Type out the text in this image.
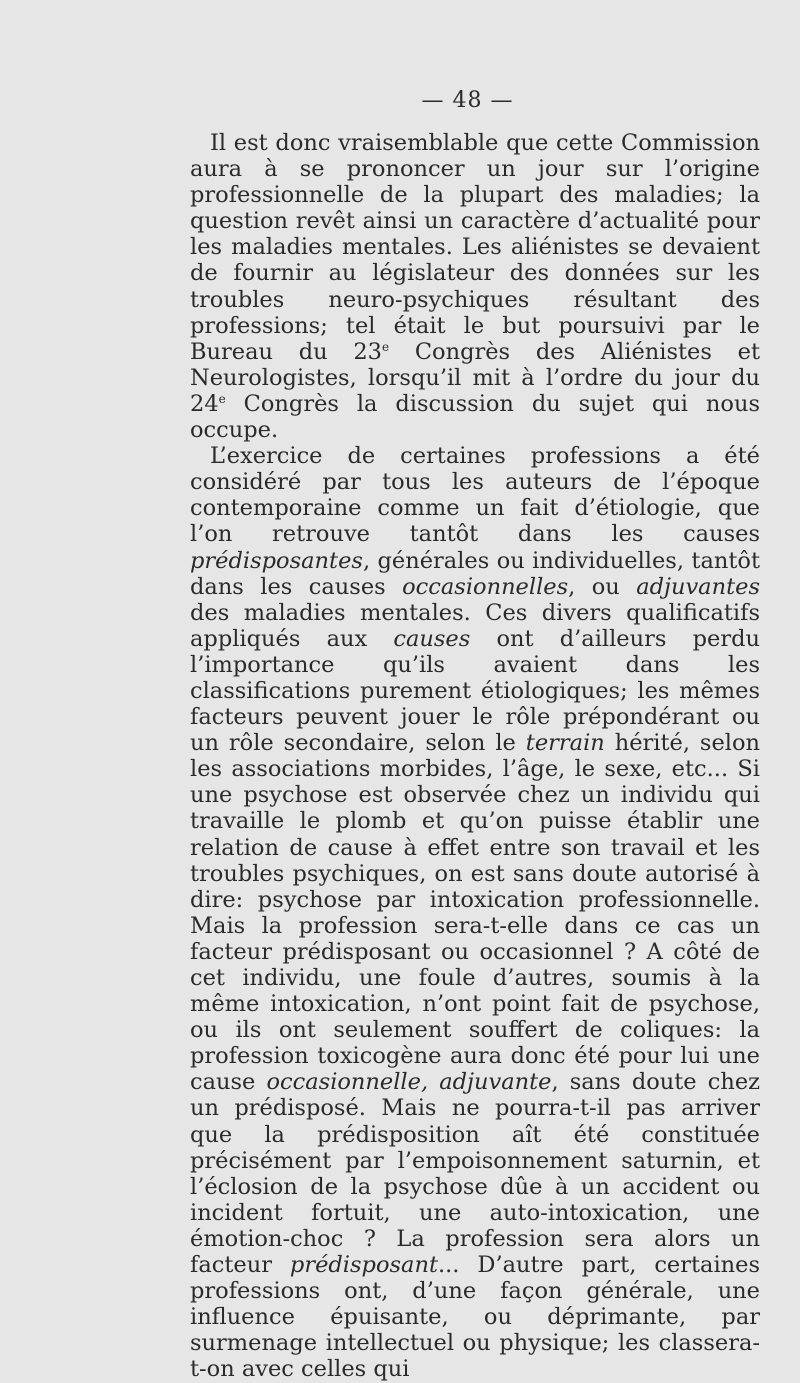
— 48 —

Il est donc vraisemblable que cette Commission aura à se prononcer un jour sur l’origine professionnelle de la plupart des maladies; la question revêt ainsi un caractère d’actualité pour les maladies mentales. Les aliénistes se devaient de fournir au législateur des données sur les troubles neuro-psychiques résultant des professions; tel était le but poursuivi par le Bureau du 23e Congrès des Aliénistes et Neurologistes, lorsqu’il mit à l’ordre du jour du 24e Congrès la discussion du sujet qui nous occupe.

L’exercice de certaines professions a été considéré par tous les auteurs de l’époque contemporaine comme un fait d’étiologie, que l’on retrouve tantôt dans les causes prédisposantes, générales ou individuelles, tantôt dans les causes occasionnelles, ou adjuvantes des maladies mentales. Ces divers qualificatifs appliqués aux causes ont d’ailleurs perdu l’importance qu’ils avaient dans les classifications purement étiologiques; les mêmes facteurs peuvent jouer le rôle prépondérant ou un rôle secondaire, selon le terrain hérité, selon les associations morbides, l’âge, le sexe, etc... Si une psychose est observée chez un individu qui travaille le plomb et qu’on puisse établir une relation de cause à effet entre son travail et les troubles psychiques, on est sans doute autorisé à dire: psychose par intoxication professionnelle. Mais la profession sera-t-elle dans ce cas un facteur prédisposant ou occasionnel ? A côté de cet individu, une foule d’autres, soumis à la même intoxication, n’ont point fait de psychose, ou ils ont seulement souffert de coliques: la profession toxicogène aura donc été pour lui une cause occasionnelle, adjuvante, sans doute chez un prédisposé. Mais ne pourra-t-il pas arriver que la prédisposition aît été constituée précisément par l’empoisonnement saturnin, et l’éclosion de la psychose dûe à un accident ou incident fortuit, une auto-intoxication, une émotion-choc ? La profession sera alors un facteur prédisposant... D’autre part, certaines professions ont, d’une façon générale, une influence épuisante, ou déprimante, par surmenage intellectuel ou physique; les classera-t-on avec celles qui
